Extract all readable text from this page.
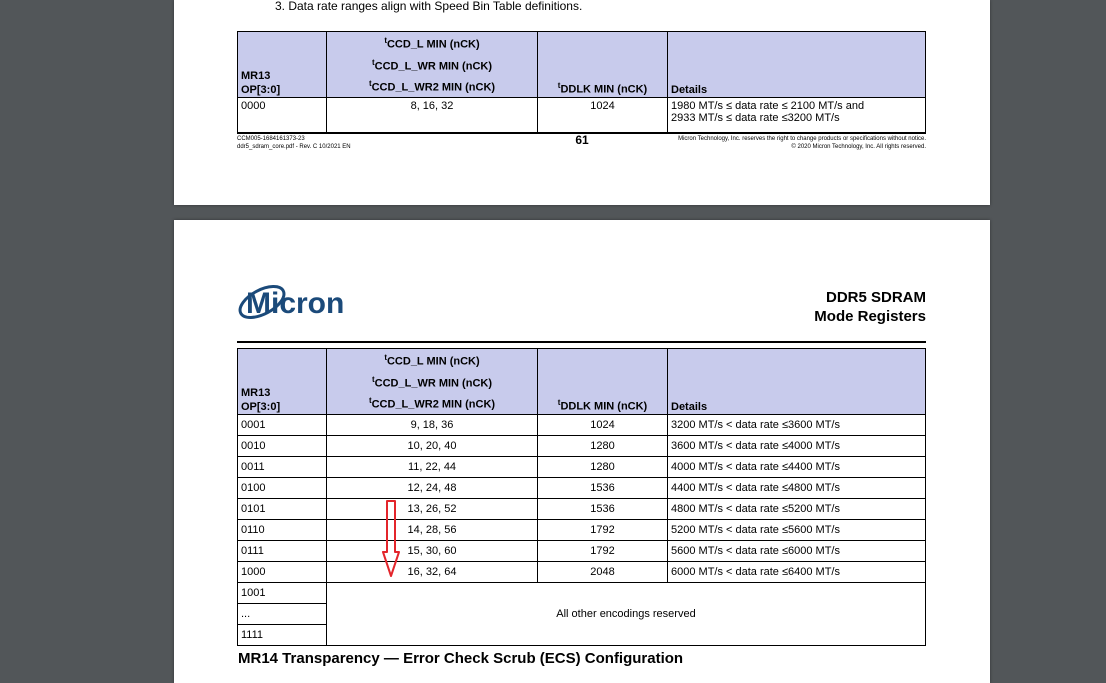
3. Data rate ranges align with Speed Bin Table definitions.
MR13
OP[3:0]	$^t$CCD_L MIN (nCK)
$^t$CCD_L_WR MIN (nCK)
$^t$CCD_L_WR2 MIN (nCK)	$^t$DDLK MIN (nCK)	Details
0000	8, 16, 32	1024	1980 MT/s ≤ data rate ≤ 2100 MT/s and
2933 MT/s ≤ data rate ≤3200 MT/s
CCM005-1684161373-23
ddr5_sdram_core.pdf - Rev. C 10/2021 EN	61	Micron Technology, Inc. reserves the right to change products or specifications without notice.
© 2020 Micron Technology, Inc. All rights reserved.
Micron	DDR5 SDRAM
Mode Registers
MR14 Transparency — Error Check Scrub (ECS) Configuration
MR13
OP[3:0]	$^t$CCD_L MIN (nCK)
$^t$CCD_L_WR MIN (nCK)
$^t$CCD_L_WR2 MIN (nCK)	$^t$DDLK MIN (nCK)	Details
0001	9, 18, 36	1024	3200 MT/s < data rate ≤3600 MT/s
0010	10, 20, 40	1280	3600 MT/s < data rate ≤4000 MT/s
0011	11, 22, 44	1280	4000 MT/s < data rate ≤4400 MT/s
0100	12, 24, 48	1536	4400 MT/s < data rate ≤4800 MT/s
0101	13, 26, 52	1536	4800 MT/s < data rate ≤5200 MT/s
0110	14, 28, 56	1792	5200 MT/s < data rate ≤5600 MT/s
0111	15, 30, 60	1792	5600 MT/s < data rate ≤6000 MT/s
1000	16, 32, 64	2048	6000 MT/s < data rate ≤6400 MT/s
1001	All other encodings reserved		
...			
1111			
